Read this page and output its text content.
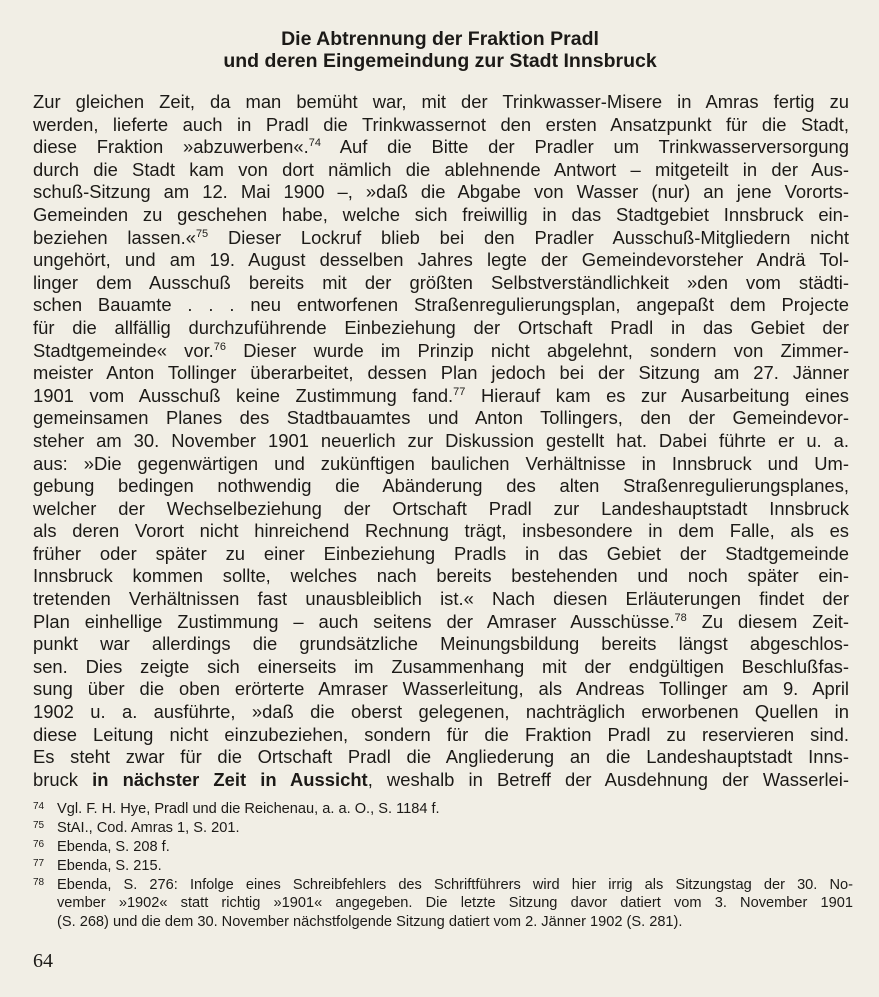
Die Abtrennung der Fraktion Pradl
und deren Eingemeindung zur Stadt Innsbruck
Zur gleichen Zeit, da man bemüht war, mit der Trinkwasser-Misere in Amras fertig zu
werden, lieferte auch in Pradl die Trinkwassernot den ersten Ansatzpunkt für die Stadt,
diese Fraktion »abzuwerben«.$^{74}$ Auf die Bitte der Pradler um Trinkwasserversorgung
durch die Stadt kam von dort nämlich die ablehnende Antwort – mitgeteilt in der Aus-
schuß-Sitzung am 12. Mai 1900 –, »daß die Abgabe von Wasser (nur) an jene Vororts-
Gemeinden zu geschehen habe, welche sich freiwillig in das Stadtgebiet Innsbruck ein-
beziehen lassen.«$^{75}$ Dieser Lockruf blieb bei den Pradler Ausschuß-Mitgliedern nicht
ungehört, und am 19. August desselben Jahres legte der Gemeindevorsteher Andrä Tol-
linger dem Ausschuß bereits mit der größten Selbstverständlichkeit »den vom städti-
schen Bauamte . . . neu entworfenen Straßenregulierungsplan, angepaßt dem Projecte
für die allfällig durchzuführende Einbeziehung der Ortschaft Pradl in das Gebiet der
Stadtgemeinde« vor.$^{76}$ Dieser wurde im Prinzip nicht abgelehnt, sondern von Zimmer-
meister Anton Tollinger überarbeitet, dessen Plan jedoch bei der Sitzung am 27. Jänner
1901 vom Ausschuß keine Zustimmung fand.$^{77}$ Hierauf kam es zur Ausarbeitung eines
gemeinsamen Planes des Stadtbauamtes und Anton Tollingers, den der Gemeindevor-
steher am 30. November 1901 neuerlich zur Diskussion gestellt hat. Dabei führte er u. a.
aus: »Die gegenwärtigen und zukünftigen baulichen Verhältnisse in Innsbruck und Um-
gebung bedingen nothwendig die Abänderung des alten Straßenregulierungsplanes,
welcher der Wechselbeziehung der Ortschaft Pradl zur Landeshauptstadt Innsbruck
als deren Vorort nicht hinreichend Rechnung trägt, insbesondere in dem Falle, als es
früher oder später zu einer Einbeziehung Pradls in das Gebiet der Stadtgemeinde
Innsbruck kommen sollte, welches nach bereits bestehenden und noch später ein-
tretenden Verhältnissen fast unausbleiblich ist.« Nach diesen Erläuterungen findet der
Plan einhellige Zustimmung – auch seitens der Amraser Ausschüsse.$^{78}$ Zu diesem Zeit-
punkt war allerdings die grundsätzliche Meinungsbildung bereits längst abgeschlos-
sen. Dies zeigte sich einerseits im Zusammenhang mit der endgültigen Beschlußfas-
sung über die oben erörterte Amraser Wasserleitung, als Andreas Tollinger am 9. April
1902 u. a. ausführte, »daß die oberst gelegenen, nachträglich erworbenen Quellen in
diese Leitung nicht einzubeziehen, sondern für die Fraktion Pradl zu reservieren sind.
Es steht zwar für die Ortschaft Pradl die Angliederung an die Landeshauptstadt Inns-
bruck in nächster Zeit in Aussicht, weshalb in Betreff der Ausdehnung der Wasserlei-
74 Vgl. F. H. Hye, Pradl und die Reichenau, a. a. O., S. 1184 f.
75 StAI., Cod. Amras 1, S. 201.
76 Ebenda, S. 208 f.
77 Ebenda, S. 215.
78 Ebenda, S. 276: Infolge eines Schreibfehlers des Schriftführers wird hier irrig als Sitzungstag der 30. No-
vember »1902« statt richtig »1901« angegeben. Die letzte Sitzung davor datiert vom 3. November 1901
(S. 268) und die dem 30. November nächstfolgende Sitzung datiert vom 2. Jänner 1902 (S. 281).
64
